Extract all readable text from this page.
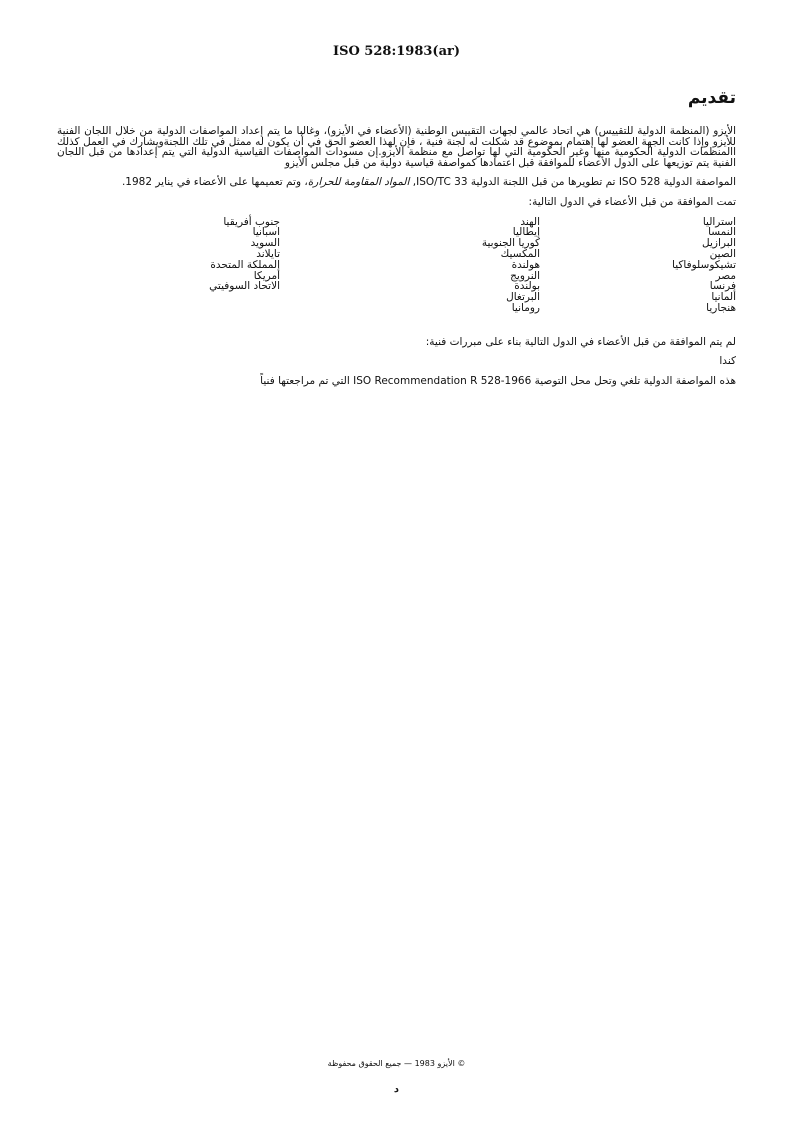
ISO 528:1983(ar)
تقديم

الأيزو (المنظمة الدولية للتقييس) هي اتحاد عالمي لجهات التقييس الوطنية (الأعضاء في الأيزو)، وغالبا ما يتم إعداد المواصفات الدولية من خلال اللجان الفنية للأيزو وإذا كانت الجهة العضو لها إهتمام بموضوع قد شكلت له لجنة فنية ، فإن لهذا العضو الحق في أن يكون له ممثل في تلك اللجنةويشارك في العمل كذلك االمنظمات الدولية الحكومية منها وغير الحكومية التي لها تواصل مع منظمة الأيزو.إن مسودات المواصفات القياسية الدولية التي يتم إعدادها من قبل اللجان الفنية يتم توزيعها على الدول الأعضاء للموافقة قبل اعتمادها كمواصفة قياسية دولية من قبل مجلس الأيزو

المواصفة الدولية ISO 528 تم تطويرها من قبل اللجنة الدولية ISO/TC 33, المواد المقاومة للحرارة، وتم تعميمها على الأعضاء في يناير 1982.

تمت الموافقة من قبل الأعضاء في الدول التالية:

استراليا
النمسا
البرازيل
الصين
تشيكوسلوفاكيا
مصر
فرنسا
ألمانيا
هنجاريا
الهند
إيطاليا
كوريا الجنوبية
المكسيك
هولندة
النرويج
بولندة
البرتغال
رومانيا
جنوب أفريقيا
اسبانيا
السويد
تايلاند
المملكة المتحدة
أمريكا
الاتحاد السوفيتي

لم يتم الموافقة من قبل الأعضاء في الدول التالية بناء على مبررات فنية:

كندا

هذه المواصفة الدولية تلغي وتحل محل التوصية ISO Recommendation R 528-1966 التي تم مراجعتها فنياً

© الأيزو 1983 — جميع الحقوق محفوظة
د
